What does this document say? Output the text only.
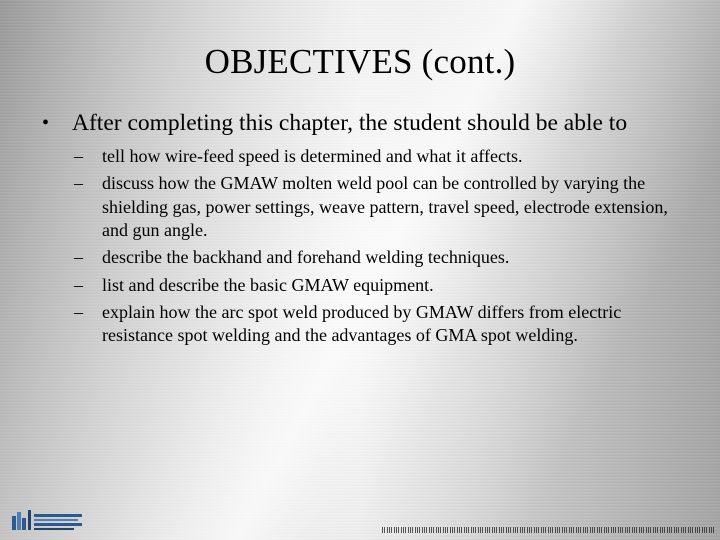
OBJECTIVES (cont.)
• After completing this chapter, the student should be able to
– tell how wire-feed speed is determined and what it affects.
– discuss how the GMAW molten weld pool can be controlled by varying the shielding gas, power settings, weave pattern, travel speed, electrode extension, and gun angle.
– describe the backhand and forehand welding techniques.
– list and describe the basic GMAW equipment.
– explain how the arc spot weld produced by GMAW differs from electric resistance spot welding and the advantages of GMA spot welding.
